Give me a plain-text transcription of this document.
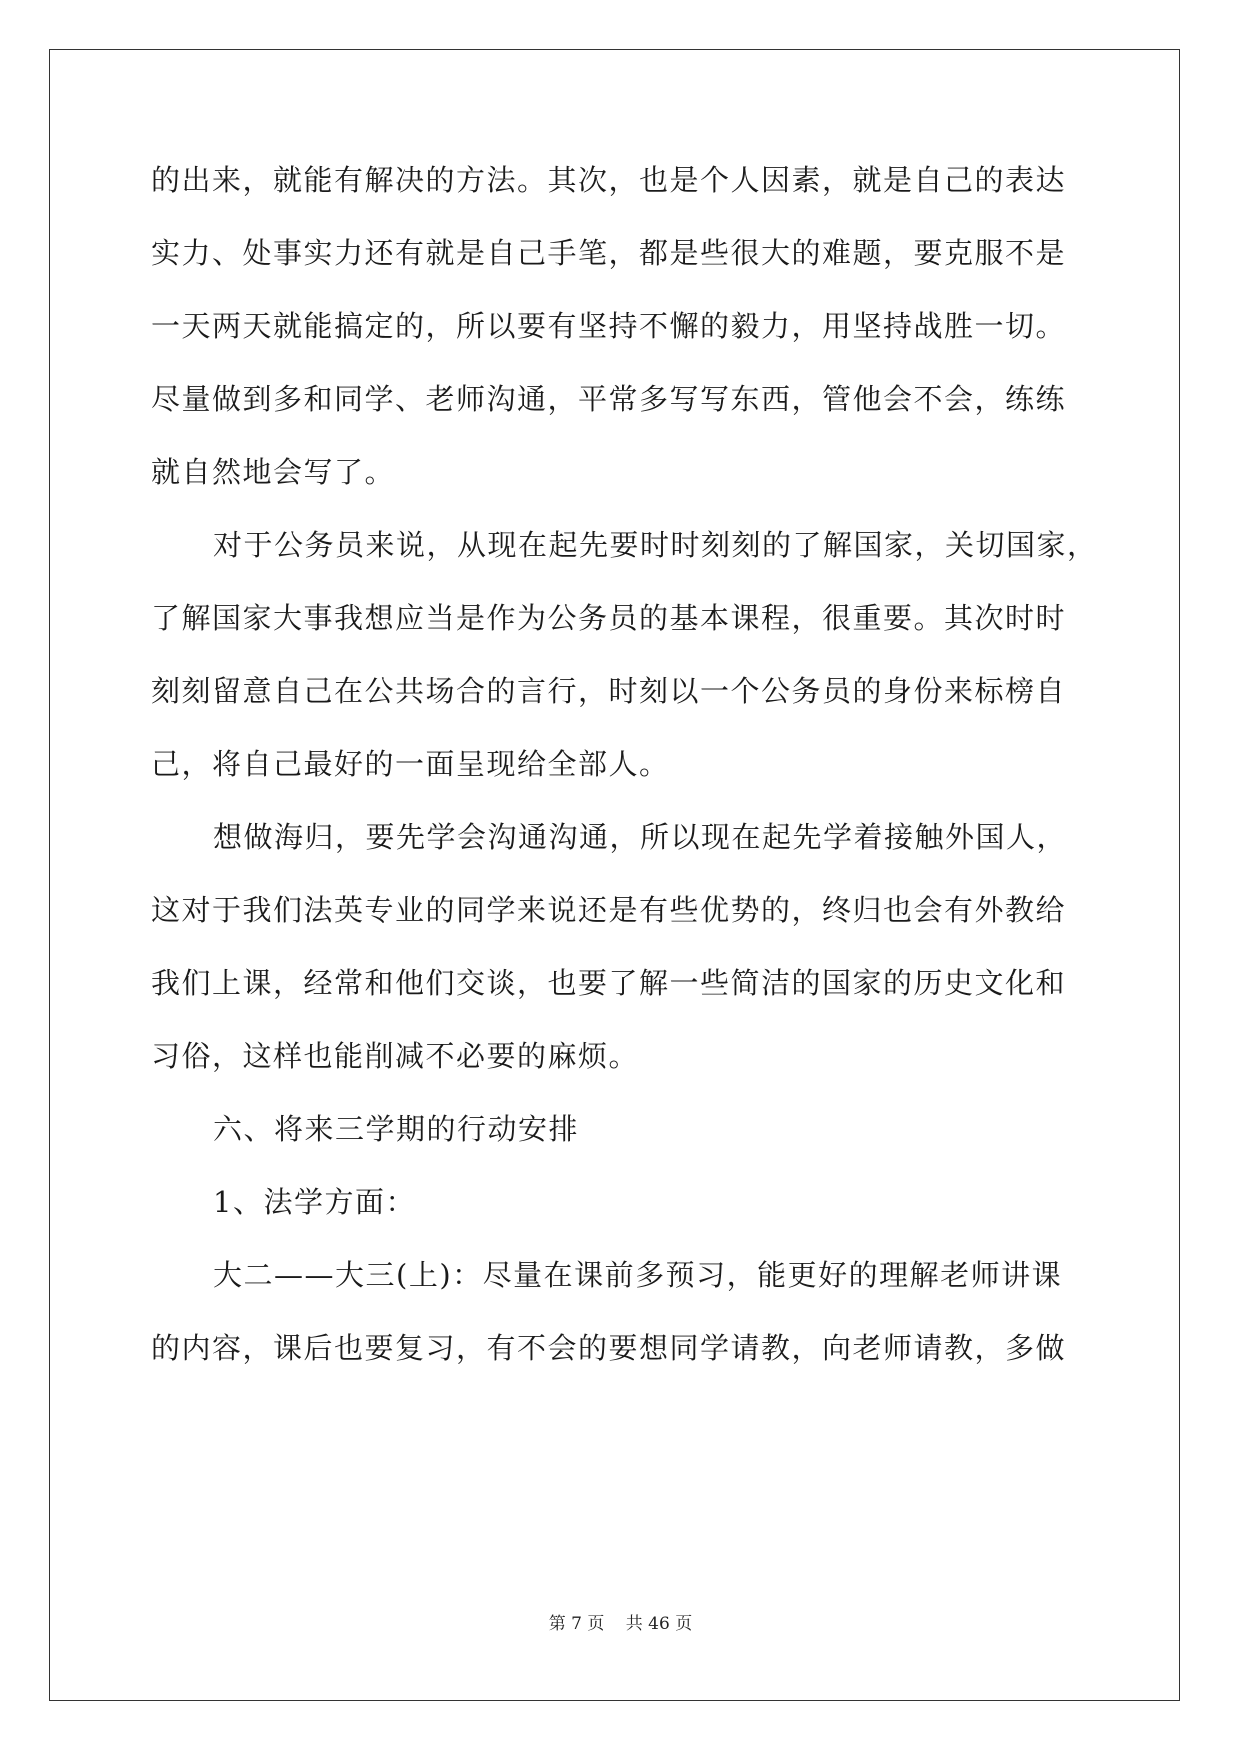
的出来，就能有解决的方法。其次，也是个人因素，就是自己的表达
实力、处事实力还有就是自己手笔，都是些很大的难题，要克服不是
一天两天就能搞定的，所以要有坚持不懈的毅力，用坚持战胜一切。
尽量做到多和同学、老师沟通，平常多写写东西，管他会不会，练练
就自然地会写了。
对于公务员来说，从现在起先要时时刻刻的了解国家，关切国家，
了解国家大事我想应当是作为公务员的基本课程，很重要。其次时时
刻刻留意自己在公共场合的言行，时刻以一个公务员的身份来标榜自
己，将自己最好的一面呈现给全部人。
想做海归，要先学会沟通沟通，所以现在起先学着接触外国人，
这对于我们法英专业的同学来说还是有些优势的，终归也会有外教给
我们上课，经常和他们交谈，也要了解一些简洁的国家的历史文化和
习俗，这样也能削减不必要的麻烦。
六、将来三学期的行动安排
1、法学方面：
大二——大三(上)：尽量在课前多预习，能更好的理解老师讲课
的内容，课后也要复习，有不会的要想同学请教，向老师请教，多做
第 7 页 共 46 页
